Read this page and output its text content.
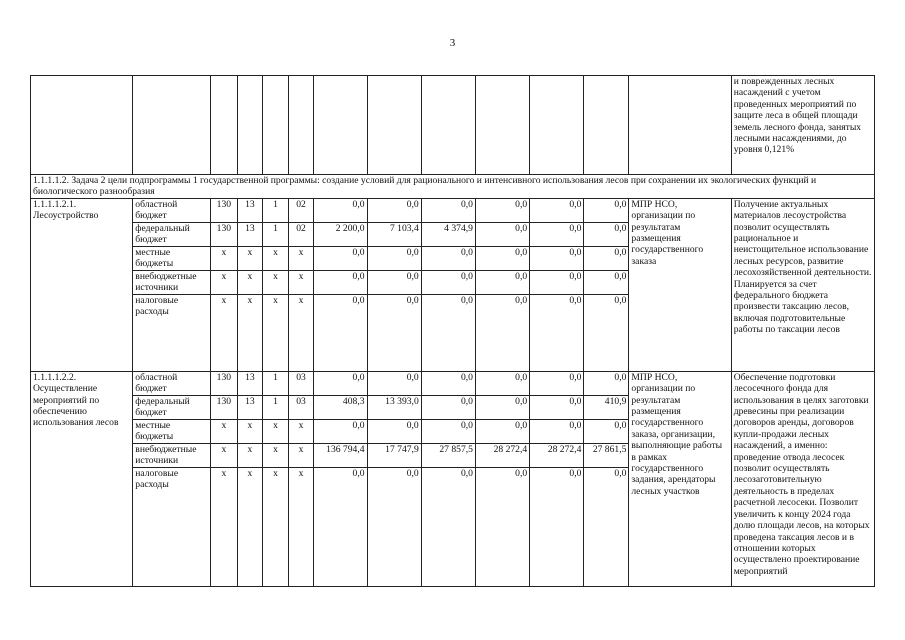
3
													и поврежденных лесных насаждений с учетом проведенных мероприятий по защите леса в общей площади земель лесного фонда, занятых лесными насаждениями, до уровня 0,121%
1.1.1.1.2. Задача 2 цели подпрограммы 1 государственной программы: создание условий для рационального и интенсивного использования лесов при сохранении их экологических функций и биологического разнообразия													

1.1.1.1.2.1.
Лесоустройство	областной бюджет	130	13	1	02	0,0	0,0	0,0	0,0	0,0	0,0	МПР НСО, организации по результатам размещения государственного заказа	Получение актуальных материалов лесоустройства позволит осуществлять рациональное и неистощительное использование лесных ресурсов, развитие лесохозяйственной деятельности. Планируется за счет федерального бюджета произвести таксацию лесов, включая подготовительные работы по таксации лесов
	федеральный бюджет	130	13	1	02	2 200,0	7 103,4	4 374,9	0,0	0,0	0,0		
	местные бюджеты	x	x	x	x	0,0	0,0	0,0	0,0	0,0	0,0		
	внебюджетные источники	x	x	x	x	0,0	0,0	0,0	0,0	0,0	0,0		
	налоговые расходы	x	x	x	x	0,0	0,0	0,0	0,0	0,0	0,0		

1.1.1.1.2.2.
Осуществление мероприятий по обеспечению использования лесов	областной бюджет	130	13	1	03	0,0	0,0	0,0	0,0	0,0	0,0	МПР НСО, организации по результатам размещения государственного заказа, организации, выполняющие работы в рамках государственного задания, арендаторы лесных участков	Обеспечение подготовки лесосечного фонда для использования в целях заготовки древесины при реализации договоров аренды, договоров купли-продажи лесных насаждений, а именно: проведение отвода лесосек позволит осуществлять лесозаготовительную деятельность в пределах расчетной лесосеки. Позволит увеличить к концу 2024 года долю площади лесов, на которых проведена таксация лесов и в отношении которых осуществлено проектирование мероприятий
	федеральный бюджет	130	13	1	03	408,3	13 393,0	0,0	0,0	0,0	410,9		
	местные бюджеты	x	x	x	x	0,0	0,0	0,0	0,0	0,0	0,0		
	внебюджетные источники	x	x	x	x	136 794,4	17 747,9	27 857,5	28 272,4	28 272,4	27 861,5		
	налоговые расходы	x	x	x	x	0,0	0,0	0,0	0,0	0,0	0,0		
